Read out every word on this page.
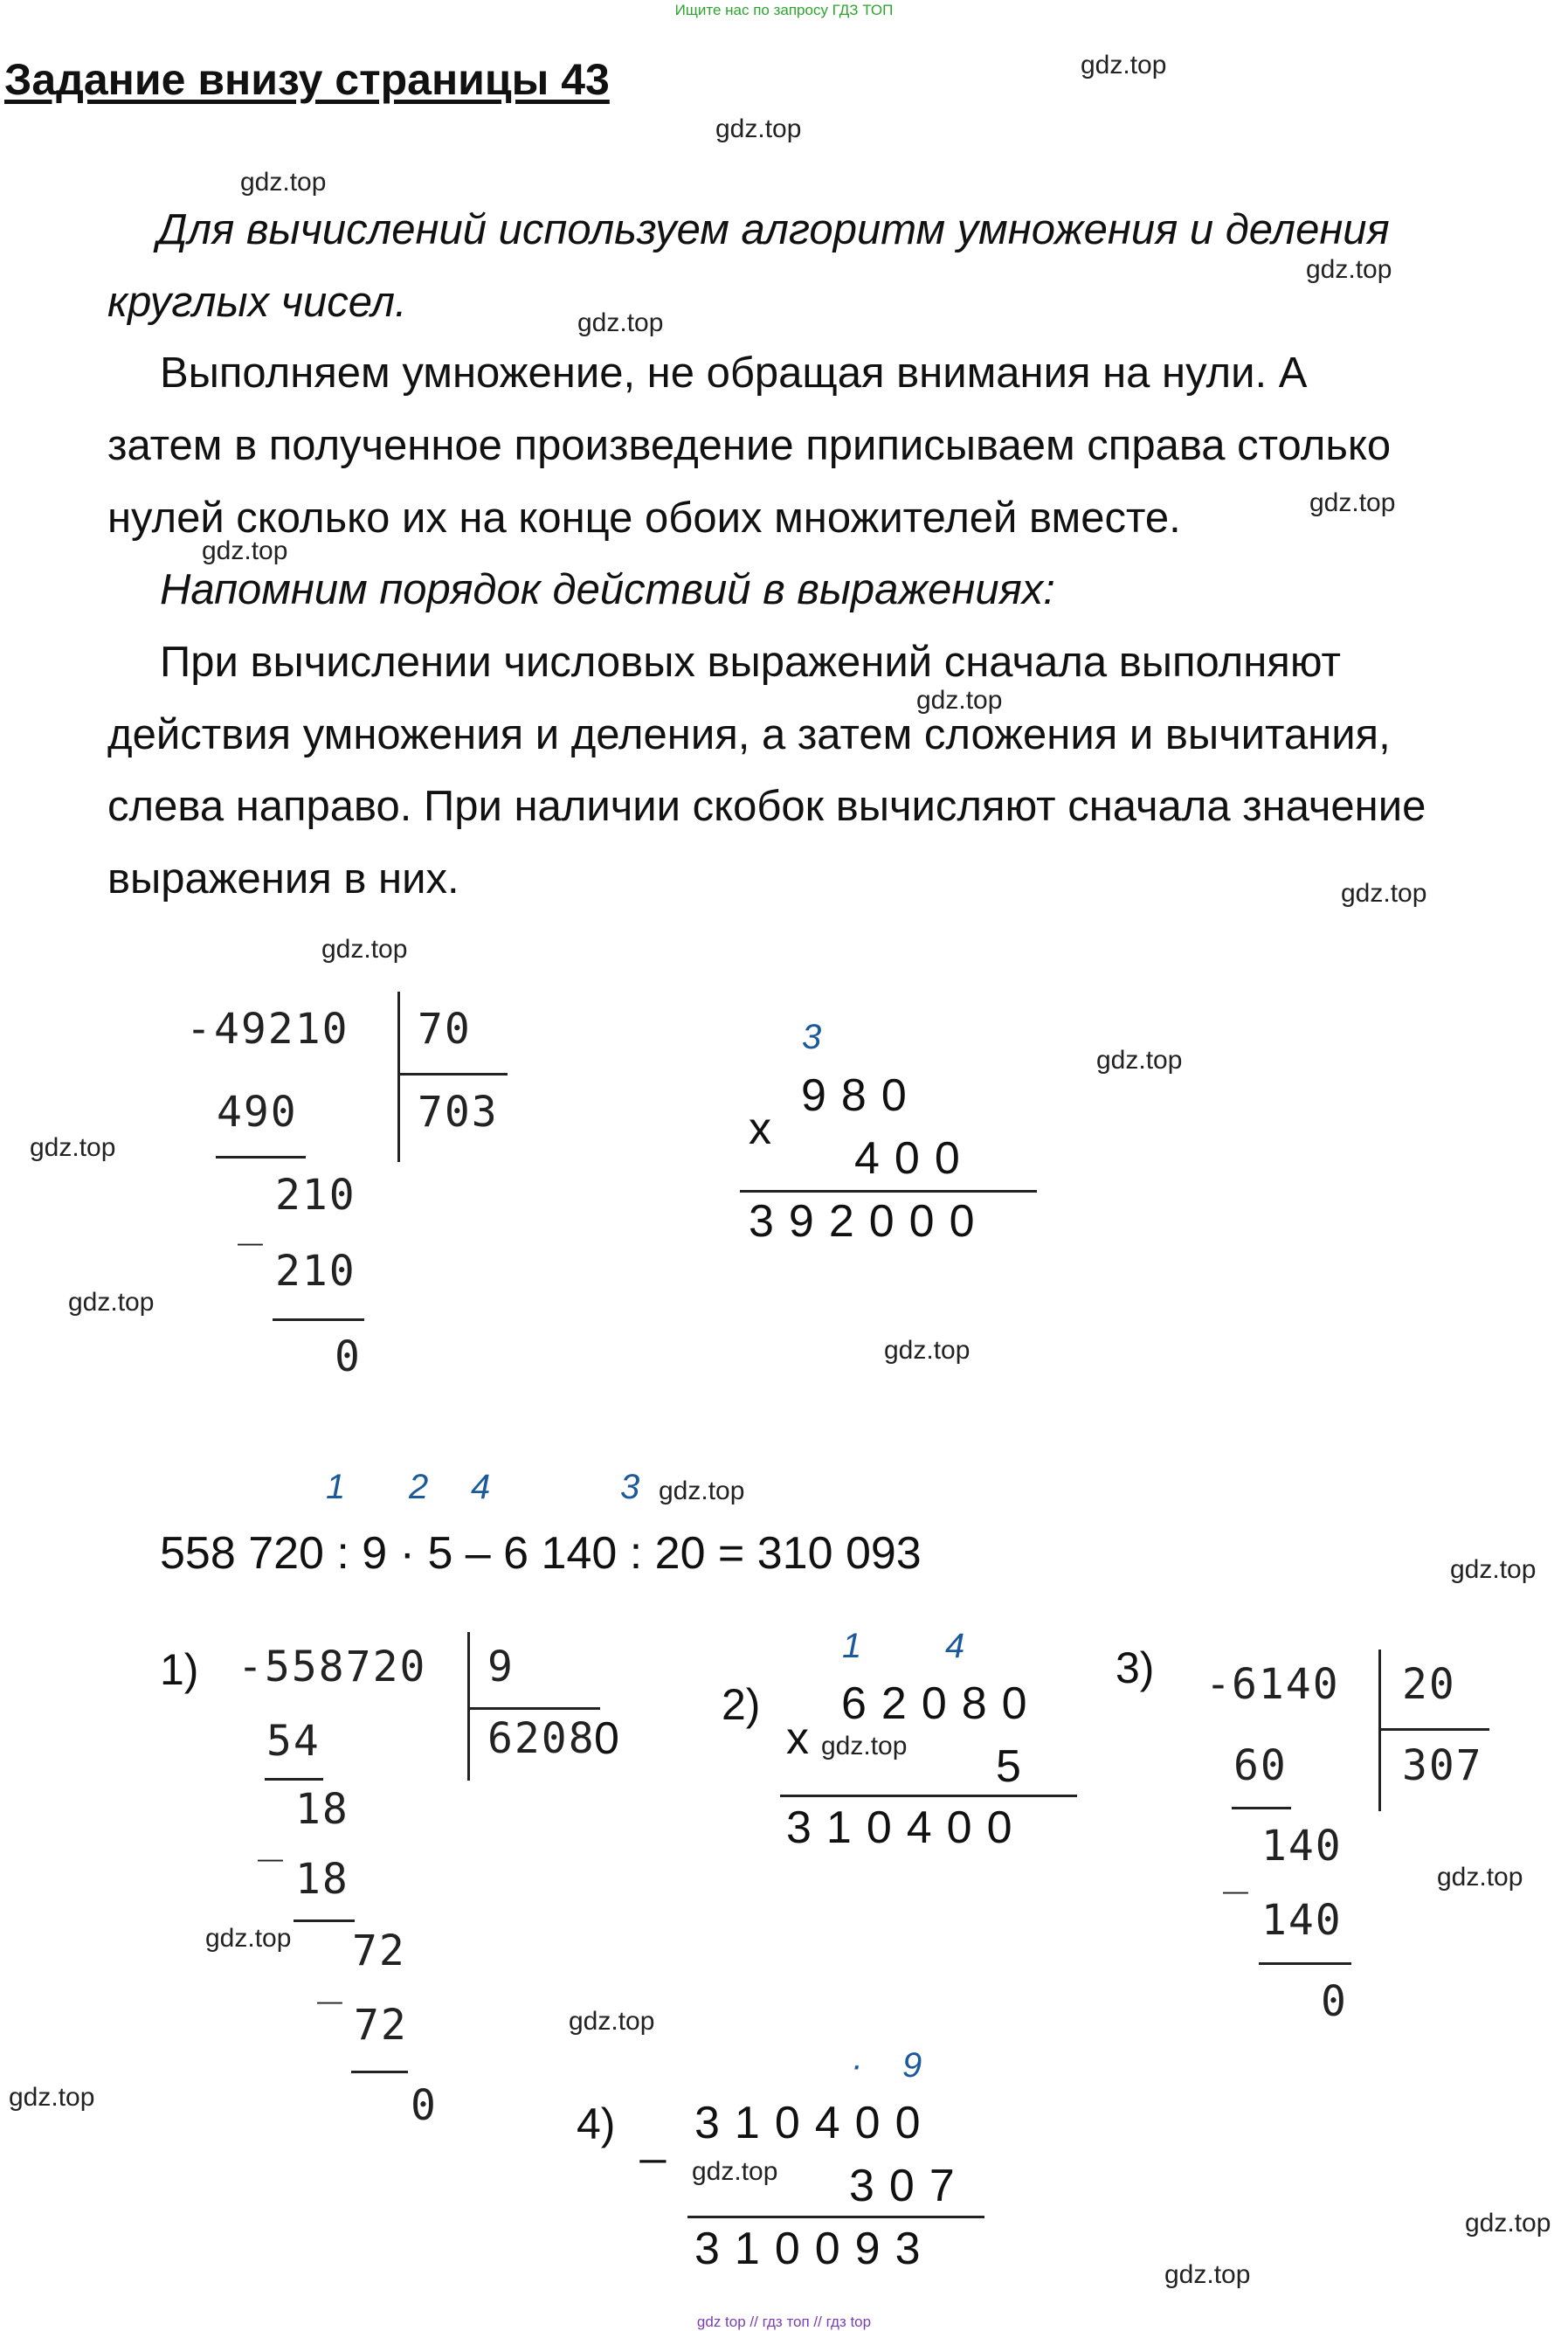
Ищите нас по запросу ГДЗ ТОП
Задание внизу страницы 43
Для вычислений используем алгоритм умножения и деления
круглых чисел.
Выполняем умножение, не обращая внимания на нули. А
затем в полученное произведение приписываем справа столько
нулей сколько их на конце обоих множителей вместе.
Напомним порядок действий в выражениях:
При вычислении числовых выражений сначала выполняют
действия умножения и деления, а затем сложения и вычитания,
слева направо. При наличии скобок вычисляют сначала значение
выражения в них.
gdz.top
gdz.top
gdz.top
gdz.top
gdz.top
gdz.top
gdz.top
gdz.top
gdz.top
gdz.top
gdz.top
gdz.top
gdz.top
gdz.top
gdz.top
gdz.top
gdz.top
gdz.top
gdz.top
gdz.top
gdz.top
gdz.top
gdz.top
gdz.top
- 49210 70
703
490
210
_
210
0
3
х
980
400
392000
1 2 4	3
558 720 : 9 · 5 – 6 140 : 20 = 310 093
1) - 558720 9
6208
0
54
18
_
18
72
_
72
0
2)
1 4
х
62080
5
310400
3) - 6140 20
307
60
140
_
140
0
4)
· 9
_ 310400
307
310093
gdz top // гдз топ // гдз top
